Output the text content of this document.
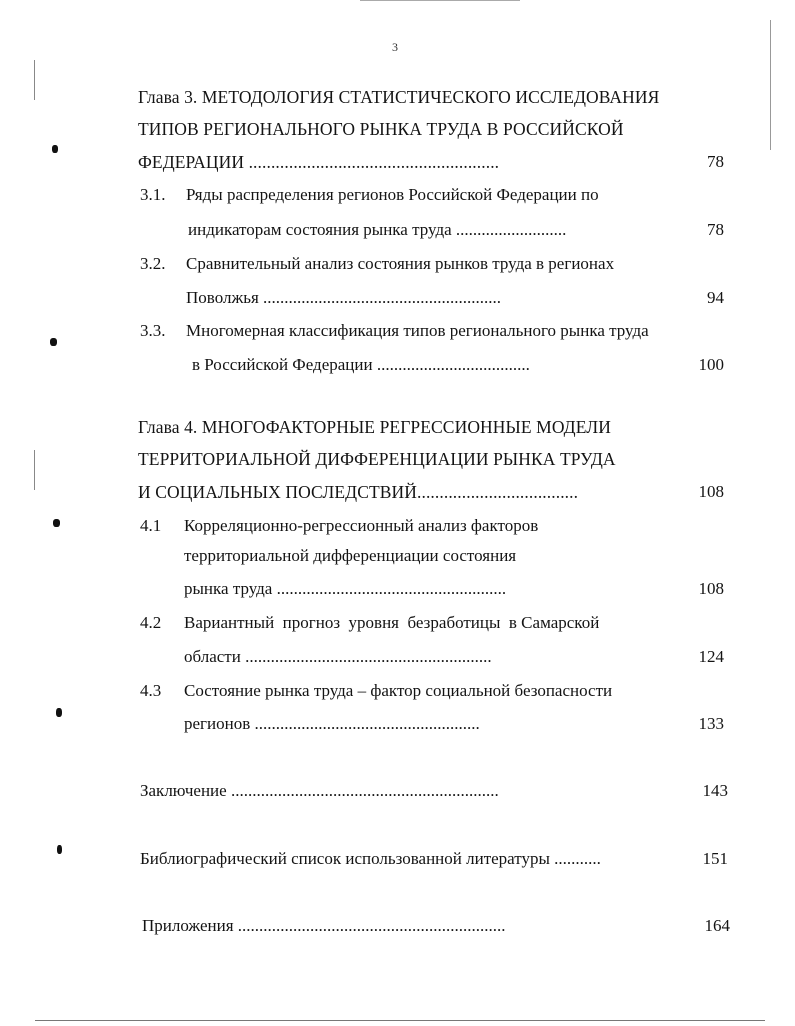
3
Глава 3. МЕТОДОЛОГИЯ СТАТИСТИЧЕСКОГО ИССЛЕДОВАНИЯ
ТИПОВ РЕГИОНАЛЬНОГО РЫНКА ТРУДА В РОССИЙСКОЙ
ФЕДЕРАЦИИ ........................................................	78
3.1. Ряды распределения регионов Российской Федерации по
индикаторам состояния рынка труда ..........................	78
3.2. Сравнительный анализ состояния рынков труда в регионах
Поволжья ........................................................	94
3.3. Многомерная классификация типов регионального рынка труда
в Российской Федерации ....................................	100
Глава 4. МНОГОФАКТОРНЫЕ РЕГРЕССИОННЫЕ МОДЕЛИ
ТЕРРИТОРИАЛЬНОЙ ДИФФЕРЕНЦИАЦИИ РЫНКА ТРУДА
И СОЦИАЛЬНЫХ ПОСЛЕДСТВИЙ....................................	108
4.1 Корреляционно-регрессионный анализ факторов
территориальной дифференциации состояния
рынка труда ......................................................	108
4.2 Вариантный  прогноз  уровня  безработицы  в Самарской
области ..........................................................	124
4.3 Состояние рынка труда – фактор социальной безопасности
регионов .....................................................	133
Заключение ...............................................................	143
Библиографический список использованной литературы ...........	151
Приложения ...............................................................	164
